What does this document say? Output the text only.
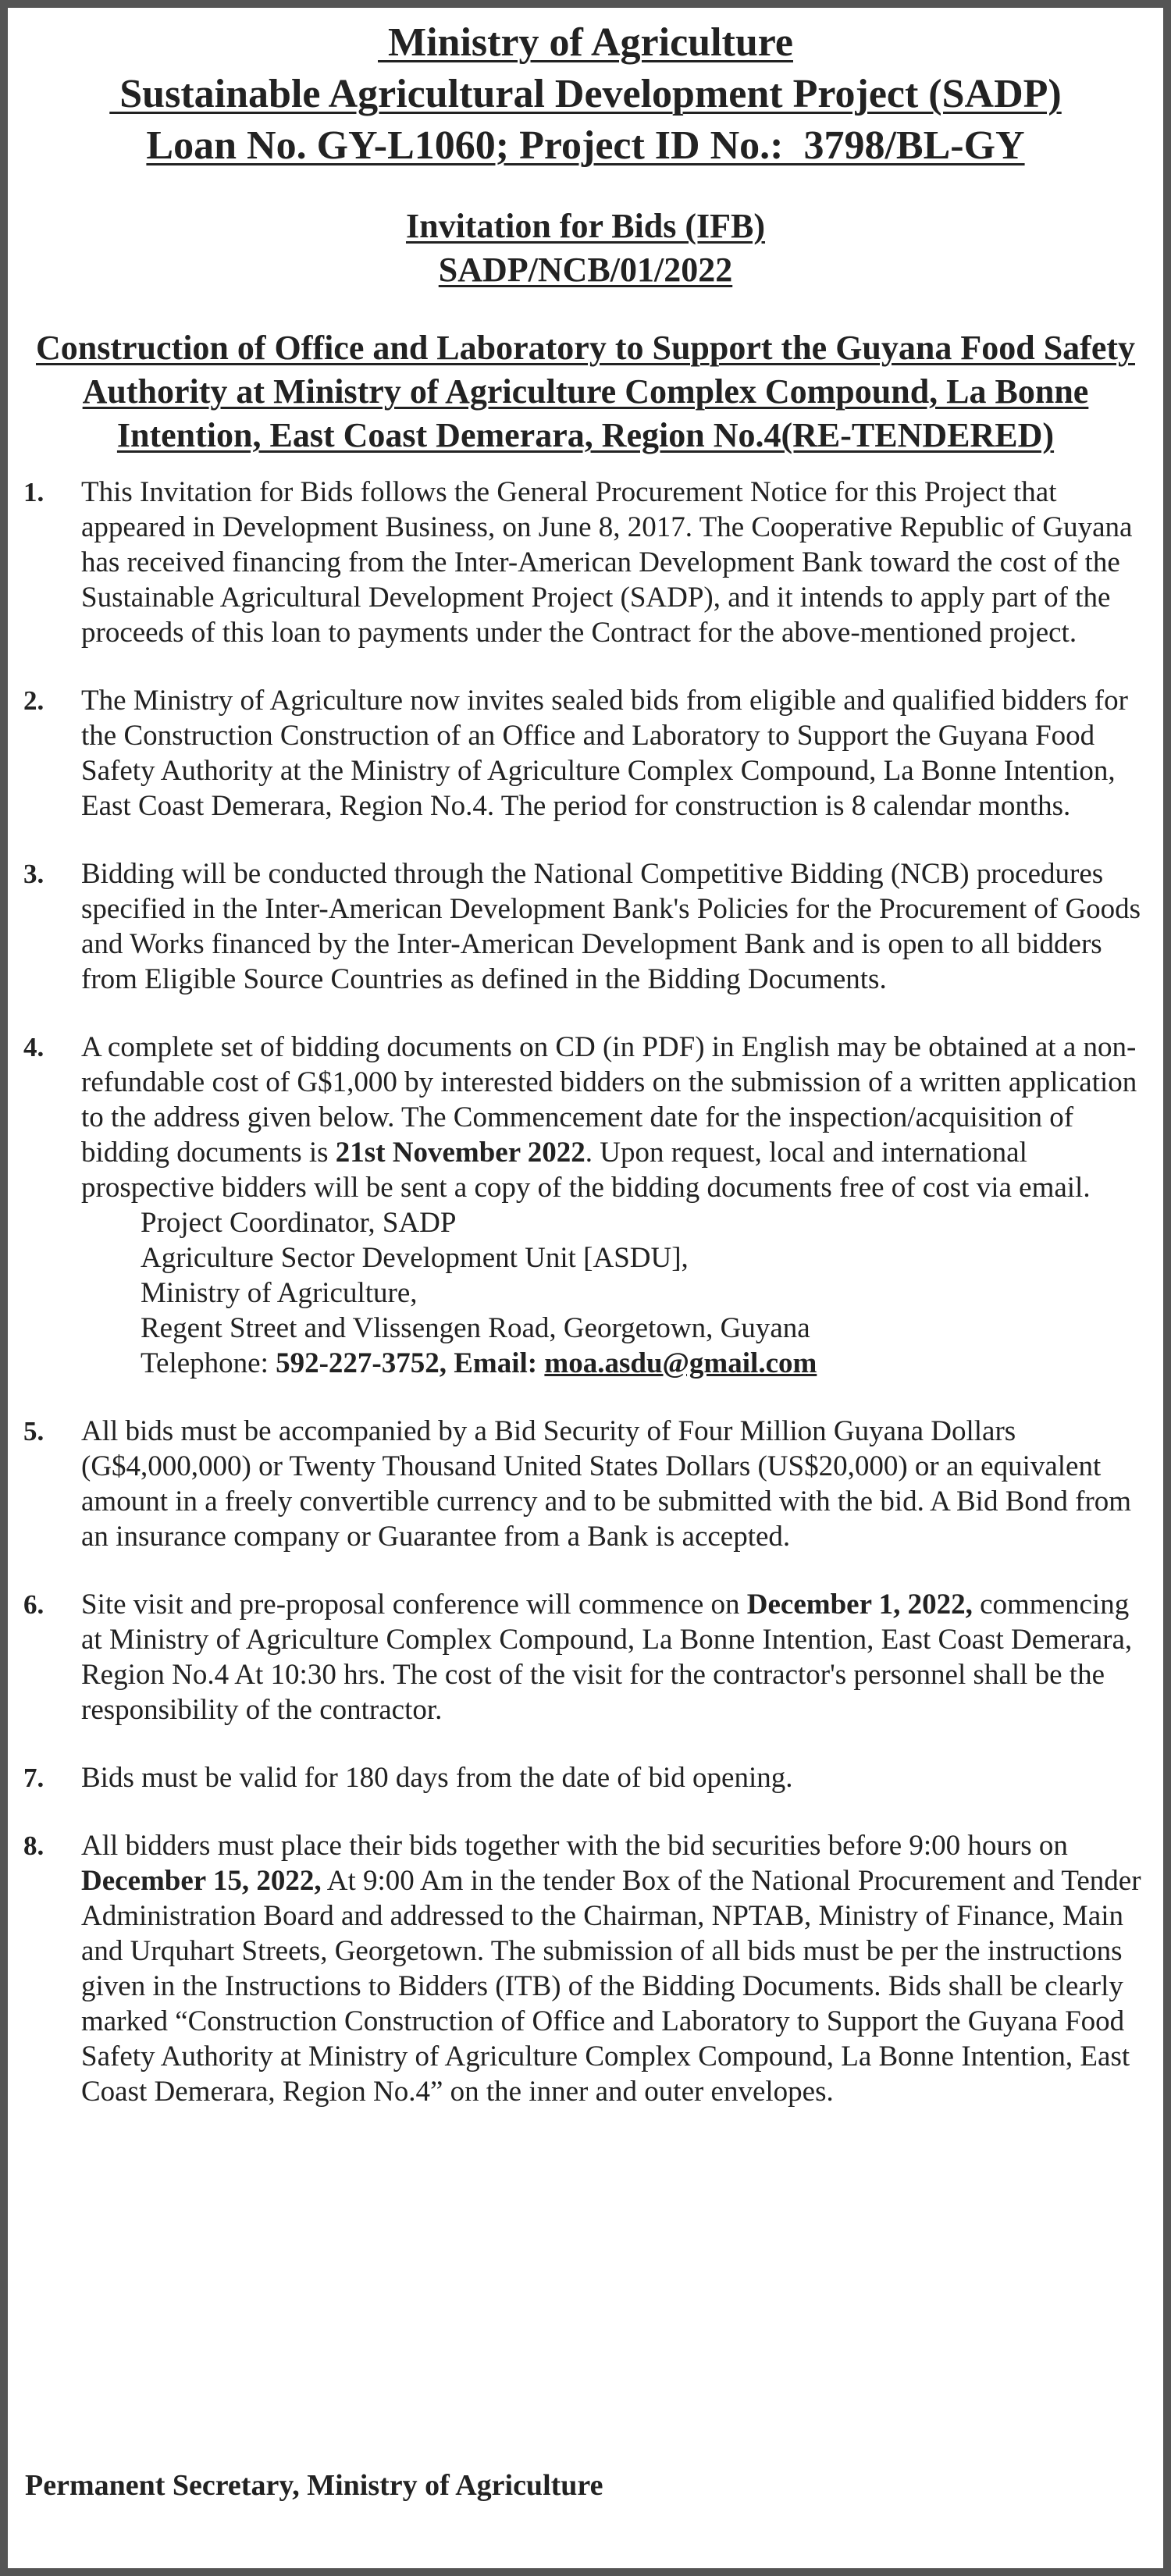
Ministry of Agriculture
Sustainable Agricultural Development Project (SADP)
Loan No. GY-L1060; Project ID No.:  3798/BL-GY
Invitation for Bids (IFB)
SADP/NCB/01/2022
Construction of Office and Laboratory to Support the Guyana Food Safety Authority at Ministry of Agriculture Complex Compound, La Bonne Intention, East Coast Demerara, Region No.4(RE-TENDERED)
1. This Invitation for Bids follows the General Procurement Notice for this Project that appeared in Development Business, on June 8, 2017. The Cooperative Republic of Guyana has received financing from the Inter-American Development Bank toward the cost of the Sustainable Agricultural Development Project (SADP), and it intends to apply part of the proceeds of this loan to payments under the Contract for the above-mentioned project.
2. The Ministry of Agriculture now invites sealed bids from eligible and qualified bidders for the Construction Construction of an Office and Laboratory to Support the Guyana Food Safety Authority at the Ministry of Agriculture Complex Compound, La Bonne Intention, East Coast Demerara, Region No.4. The period for construction is 8 calendar months.
3. Bidding will be conducted through the National Competitive Bidding (NCB) procedures specified in the Inter-American Development Bank's Policies for the Procurement of Goods and Works financed by the Inter-American Development Bank and is open to all bidders from Eligible Source Countries as defined in the Bidding Documents.
4. A complete set of bidding documents on CD (in PDF) in English may be obtained at a non-refundable cost of G$1,000 by interested bidders on the submission of a written application to the address given below. The Commencement date for the inspection/acquisition of bidding documents is 21st November 2022. Upon request, local and international prospective bidders will be sent a copy of the bidding documents free of cost via email.
Project Coordinator, SADP
Agriculture Sector Development Unit [ASDU],
Ministry of Agriculture,
Regent Street and Vlissengen Road, Georgetown, Guyana
Telephone: 592-227-3752, Email: moa.asdu@gmail.com
5. All bids must be accompanied by a Bid Security of Four Million Guyana Dollars (G$4,000,000) or Twenty Thousand United States Dollars (US$20,000) or an equivalent amount in a freely convertible currency and to be submitted with the bid. A Bid Bond from an insurance company or Guarantee from a Bank is accepted.
6. Site visit and pre-proposal conference will commence on December 1, 2022, commencing at Ministry of Agriculture Complex Compound, La Bonne Intention, East Coast Demerara, Region No.4 At 10:30 hrs. The cost of the visit for the contractor's personnel shall be the responsibility of the contractor.
7. Bids must be valid for 180 days from the date of bid opening.
8. All bidders must place their bids together with the bid securities before 9:00 hours on December 15, 2022, At 9:00 Am in the tender Box of the National Procurement and Tender Administration Board and addressed to the Chairman, NPTAB, Ministry of Finance, Main and Urquhart Streets, Georgetown. The submission of all bids must be per the instructions given in the Instructions to Bidders (ITB) of the Bidding Documents. Bids shall be clearly marked “Construction Construction of Office and Laboratory to Support the Guyana Food Safety Authority at Ministry of Agriculture Complex Compound, La Bonne Intention, East Coast Demerara, Region No.4” on the inner and outer envelopes.
Permanent Secretary, Ministry of Agriculture
